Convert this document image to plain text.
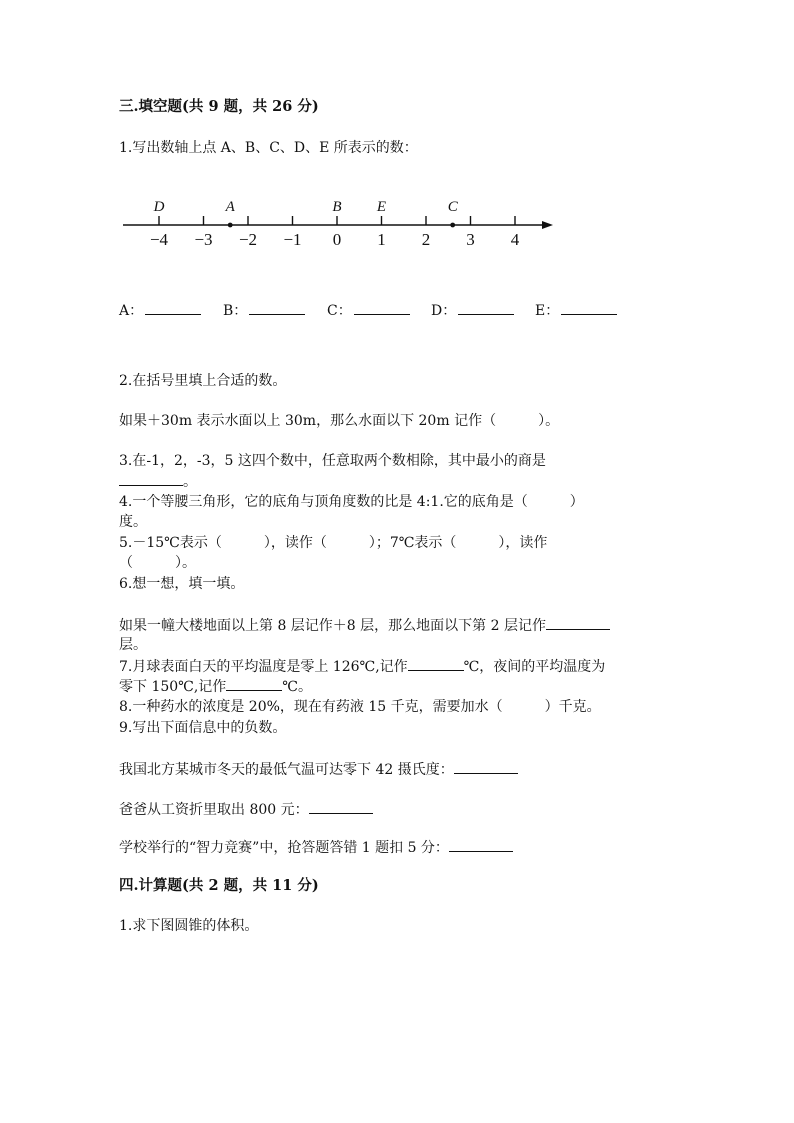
三.填空题(共 9 题，共 26 分)
1.写出数轴上点 A、B、C、D、E 所表示的数：
−4 −3 −2 −1 0 1 2 3 4
D	A	B E	C
A：	B：	C：	D：	E：
2.在括号里填上合适的数。
如果＋30m 表示水面以上 30m，那么水面以下 20m 记作（　　　）。
3.在-1，2，-3，5 这四个数中，任意取两个数相除，其中最小的商是
。
4.一个等腰三角形，它的底角与顶角度数的比是 4:1.它的底角是（　　　）
度。
5.－15℃表示（　　　），读作（　　　）；7℃表示（　　　），读作
（　　　）。
6.想一想，填一填。
如果一幢大楼地面以上第 8 层记作＋8 层，那么地面以下第 2 层记作
层。
7.月球表面白天的平均温度是零上 126℃,记作	℃，夜间的平均温度为
零下 150℃,记作	℃。
8.一种药水的浓度是 20%，现在有药液 15 千克，需要加水（　　　）千克。
9.写出下面信息中的负数。
我国北方某城市冬天的最低气温可达零下 42 摄氏度：
爸爸从工资折里取出 800 元：
学校举行的“智力竞赛”中，抢答题答错 1 题扣 5 分：
四.计算题(共 2 题，共 11 分)
1.求下图圆锥的体积。
